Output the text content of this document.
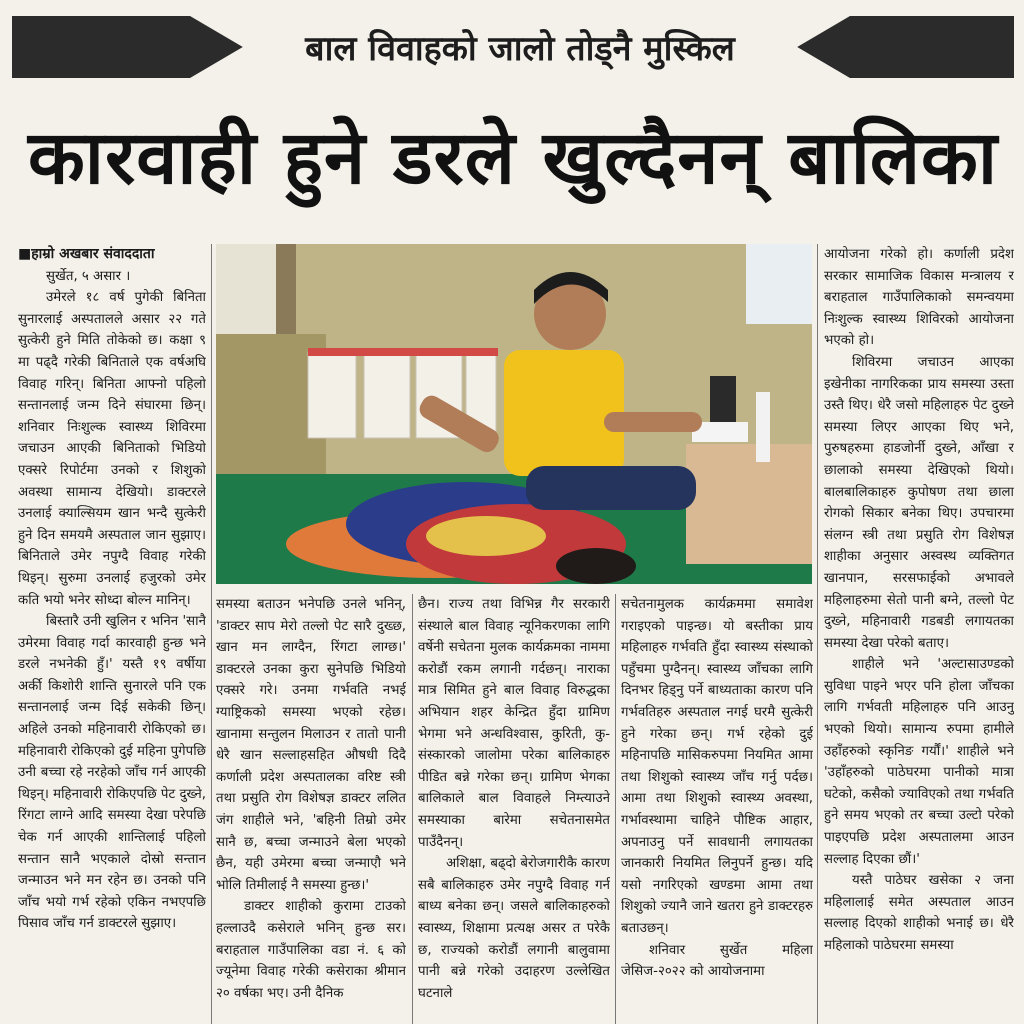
बाल विवाहको जालो तोड्नै मुस्किल
कारवाही हुने डरले खुल्दैनन् बालिका

■हाम्रो अखबार संवाददाता

सुर्खेत, ५ असार ।

उमेरले १८ वर्ष पुगेकी बिनिता सुनारलाई अस्पतालले असार २२ गते सुत्केरी हुने मिति तोकेको छ। कक्षा ९ मा पढ्दै गरेकी बिनिताले एक वर्षअघि विवाह गरिन्। बिनिता आफ्नो पहिलो सन्तानलाई जन्म दिने संघारमा छिन्। शनिवार निःशुल्क स्वास्थ्य शिविरमा जचाउन आएकी बिनिताको भिडियो एक्सरे रिपोर्टमा उनको र शिशुको अवस्था सामान्य देखियो। डाक्टरले उनलाई क्याल्सियम खान भन्दै सुत्केरी हुने दिन समयमै अस्पताल जान सुझाए। बिनिताले उमेर नपुग्दै विवाह गरेकी थिइन्। सुरुमा उनलाई हजुरको उमेर कति भयो भनेर सोध्दा बोल्न मानिन्।

बिस्तारै उनी खुलिन र भनिन 'सानै उमेरमा विवाह गर्दा कारवाही हुन्छ भने डरले नभनेकी हुँ।' यस्तै १९ वर्षीया अर्की किशोरी शान्ति सुनारले पनि एक सन्तानलाई जन्म दिई सकेकी छिन्। अहिले उनको महिनावारी रोकिएको छ। महिनावारी रोकिएको दुई महिना पुगेपछि उनी बच्चा रहे नरहेको जाँच गर्न आएकी थिइन्। महिनावारी रोकिएपछि पेट दुख्ने, रिंगटा लाग्ने आदि समस्या देखा परेपछि चेक गर्न आएकी शान्तिलाई पहिलो सन्तान सानै भएकाले दोस्रो सन्तान जन्माउन भने मन रहेन छ। उनको पनि जाँच भयो गर्भ रहेको एकिन नभएपछि पिसाव जाँच गर्न डाक्टरले सुझाए।

आयोजना गरेको हो। कर्णाली प्रदेश सरकार सामाजिक विकास मन्त्रालय र बराहताल गाउँपालिकाको समन्वयमा निःशुल्क स्वास्थ्य शिविरको आयोजना भएको हो।

शिविरमा जचाउन आएका इखेनीका नागरिकका प्राय समस्या उस्ता उस्तै थिए। धेरै जसो महिलाहरु पेट दुख्ने समस्या लिएर आएका थिए भने, पुरुषहरुमा हाडजोर्नी दुख्ने, आँखा र छालाको समस्या देखिएको थियो। बालबालिकाहरु कुपोषण तथा छाला रोगको सिकार बनेका थिए। उपचारमा संलग्न स्त्री तथा प्रसुति रोग विशेषज्ञ शाहीका अनुसार अस्वस्थ व्यक्तिगत खानपान, सरसफाईको अभावले महिलाहरुमा सेतो पानी बग्ने, तल्लो पेट दुख्ने, महिनावारी गडबडी लगायतका समस्या देखा परेको बताए।

शाहीले भने 'अल्टासाउण्डको सुविधा पाइने भएर पनि होला जाँचका लागि गर्भवती महिलाहरु पनि आउनु भएको थियो। सामान्य रुपमा हामीले उहाँहरुको स्कृनिङ गर्यौं।' शाहीले भने 'उहाँहरुको पाठेघरमा पानीको मात्रा घटेको, कसैको ज्याविएको तथा गर्भवति हुने समय भएको तर बच्चा उल्टो परेको पाइएपछि प्रदेश अस्पतालमा आउन सल्लाह दिएका छौं।'

यस्तै पाठेघर खसेका २ जना महिलालाई समेत अस्पताल आउन सल्लाह दिएको शाहीको भनाई छ। धेरै महिलाको पाठेघरमा समस्या

समस्या बताउन भनेपछि उनले भनिन्, 'डाक्टर साप मेरो तल्लो पेट सारै दुख्छ, खान मन लाग्दैन, रिंगटा लाग्छ।' डाक्टरले उनका कुरा सुनेपछि भिडियो एक्सरे गरे। उनमा गर्भवति नभई ग्याष्ट्रिकको समस्या भएको रहेछ। खानामा सन्तुलन मिलाउन र तातो पानी धेरै खान सल्लाहसहित औषधी दिदै कर्णाली प्रदेश अस्पतालका वरिष्ट स्त्री तथा प्रसुति रोग विशेषज्ञ डाक्टर ललित जंग शाहीले भने, 'बहिनी तिम्रो उमेर सानै छ, बच्चा जन्माउने बेला भएको छैन, यही उमेरमा बच्चा जन्माएौ भने भोलि तिमीलाई नै समस्या हुन्छ।'

डाक्टर शाहीको कुरामा टाउको हल्लाउदै कसेराले भनिन् हुन्छ सर। बराहताल गाउँपालिका वडा नं. ६ को ज्यूनेमा विवाह गरेकी कसेराका श्रीमान २० वर्षका भए। उनी दैनिक

छैन। राज्य तथा विभिन्न गैर सरकारी संस्थाले बाल विवाह न्यूनिकरणका लागि वर्षेनी सचेतना मुलक कार्यक्रमका नाममा करोडौं रकम लगानी गर्दछन्। नाराका मात्र सिमित हुने बाल विवाह विरुद्धका अभियान शहर केन्द्रित हुँदा ग्रामिण भेगमा भने अन्धविश्वास, कुरिती, कु-संस्कारको जालोमा परेका बालिकाहरु पीडित बन्ने गरेका छन्। ग्रामिण भेगका बालिकाले बाल विवाहले निम्त्याउने समस्याका बारेमा सचेतनासमेत पाउँदैनन्।

अशिक्षा, बढ्दो बेरोजगारीकै कारण सबै बालिकाहरु उमेर नपुग्दै विवाह गर्न बाध्य बनेका छन्। जसले बालिकाहरुको स्वास्थ्य, शिक्षामा प्रत्यक्ष असर त परेकै छ, राज्यको करोडौं लगानी बालुवामा पानी बन्ने गरेको उदाहरण उल्लेखित घटनाले

सचेतनामुलक कार्यक्रममा समावेश गराइएको पाइन्छ। यो बस्तीका प्राय महिलाहरु गर्भवति हुँदा स्वास्थ्य संस्थाको पहुँचमा पुग्दैनन्। स्वास्थ्य जाँचका लागि दिनभर हिड्नु पर्ने बाध्यताका कारण पनि गर्भवतिहरु अस्पताल नगई घरमै सुत्केरी हुने गरेका छन्। गर्भ रहेको दुई महिनापछि मासिकरुपमा नियमित आमा तथा शिशुको स्वास्थ्य जाँच गर्नु पर्दछ। आमा तथा शिशुको स्वास्थ्य अवस्था, गर्भावस्थामा चाहिने पौष्टिक आहार, अपनाउनु पर्ने सावधानी लगायतका जानकारी नियमित लिनुपर्ने हुन्छ। यदि यसो नगरिएको खण्डमा आमा तथा शिशुको ज्यानै जाने खतरा हुने डाक्टरहरु बताउछन्।

शनिवार सुर्खेत महिला जेसिज-२०२२ को आयोजनामा
